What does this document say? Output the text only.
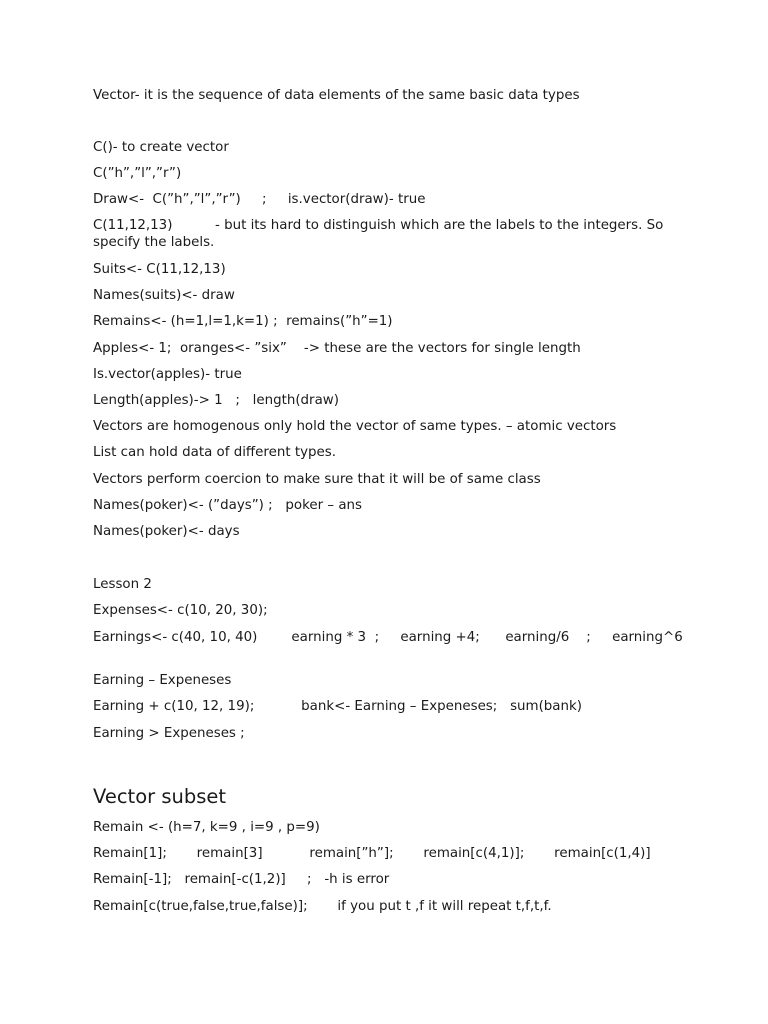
Vector- it is the sequence of data elements of the same basic data types
C()- to create vector
C(”h”,”l”,”r”)
Draw<-  C(”h”,”l”,”r”)     ;     is.vector(draw)- true
C(11,12,13)          - but its hard to distinguish which are the labels to the integers. So specify the labels.
Suits<- C(11,12,13)
Names(suits)<- draw
Remains<- (h=1,l=1,k=1) ;  remains(”h”=1)
Apples<- 1;  oranges<- ”six”    -> these are the vectors for single length
Is.vector(apples)- true
Length(apples)-> 1   ;   length(draw)
Vectors are homogenous only hold the vector of same types. – atomic vectors
List can hold data of different types.
Vectors perform coercion to make sure that it will be of same class
Names(poker)<- (”days”) ;   poker – ans
Names(poker)<- days
Lesson 2
Expenses<- c(10, 20, 30);
Earnings<- c(40, 10, 40)        earning * 3  ;     earning +4;      earning/6    ;     earning^6
Earning – Expeneses
Earning + c(10, 12, 19);           bank<- Earning – Expeneses;   sum(bank)
Earning > Expeneses ;
Vector subset
Remain <- (h=7, k=9 , i=9 , p=9)
Remain[1];       remain[3]           remain[”h”];       remain[c(4,1)];       remain[c(1,4)]
Remain[-1];   remain[-c(1,2)]     ;   -h is error
Remain[c(true,false,true,false)];       if you put t ,f it will repeat t,f,t,f.
